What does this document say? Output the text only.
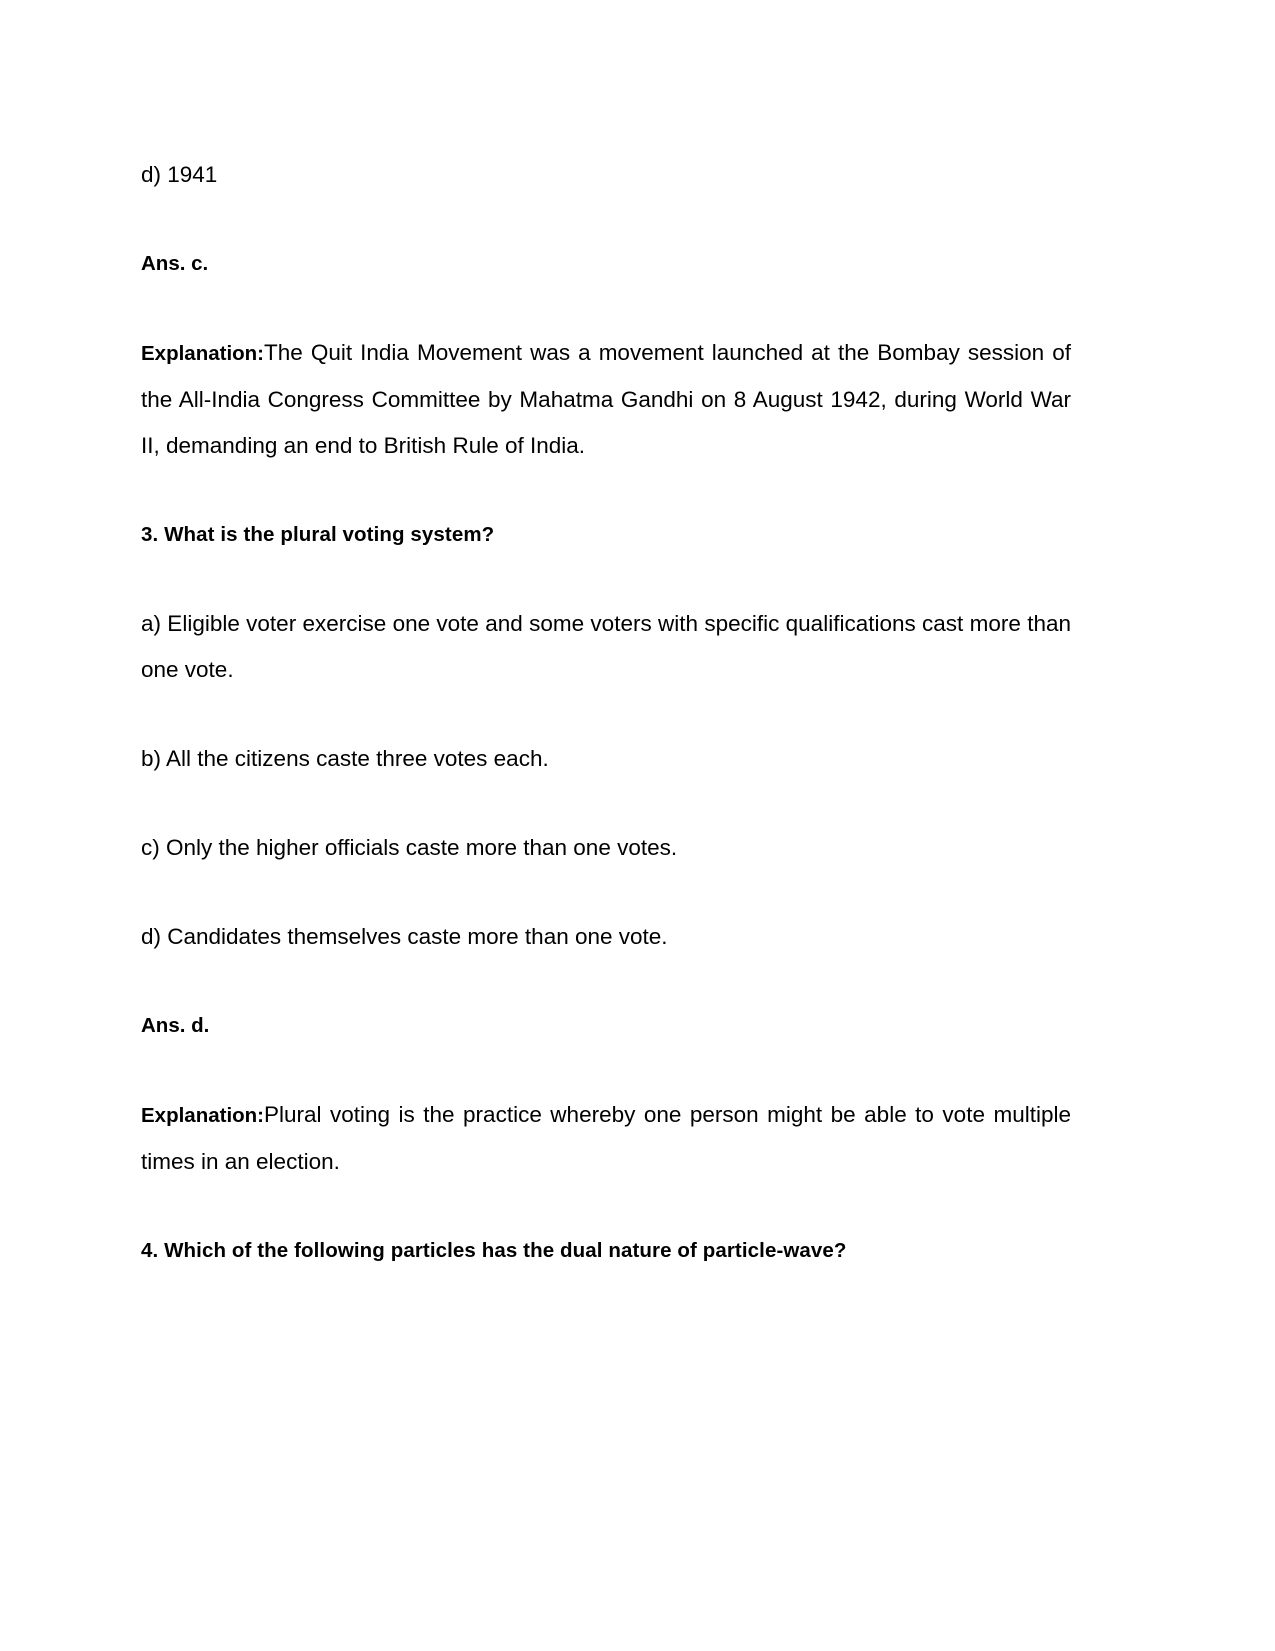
d) 1941

Ans. c.

Explanation:The Quit India Movement was a movement launched at the Bombay session of the All-India Congress Committee by Mahatma Gandhi on 8 August 1942, during World War II, demanding an end to British Rule of India.

3. What is the plural voting system?

a) Eligible voter exercise one vote and some voters with specific qualifications cast more than one vote.

b) All the citizens caste three votes each.

c) Only the higher officials caste more than one votes.

d) Candidates themselves caste more than one vote.

Ans. d.

Explanation:Plural voting is the practice whereby one person might be able to vote multiple times in an election.

4. Which of the following particles has the dual nature of particle-wave?
